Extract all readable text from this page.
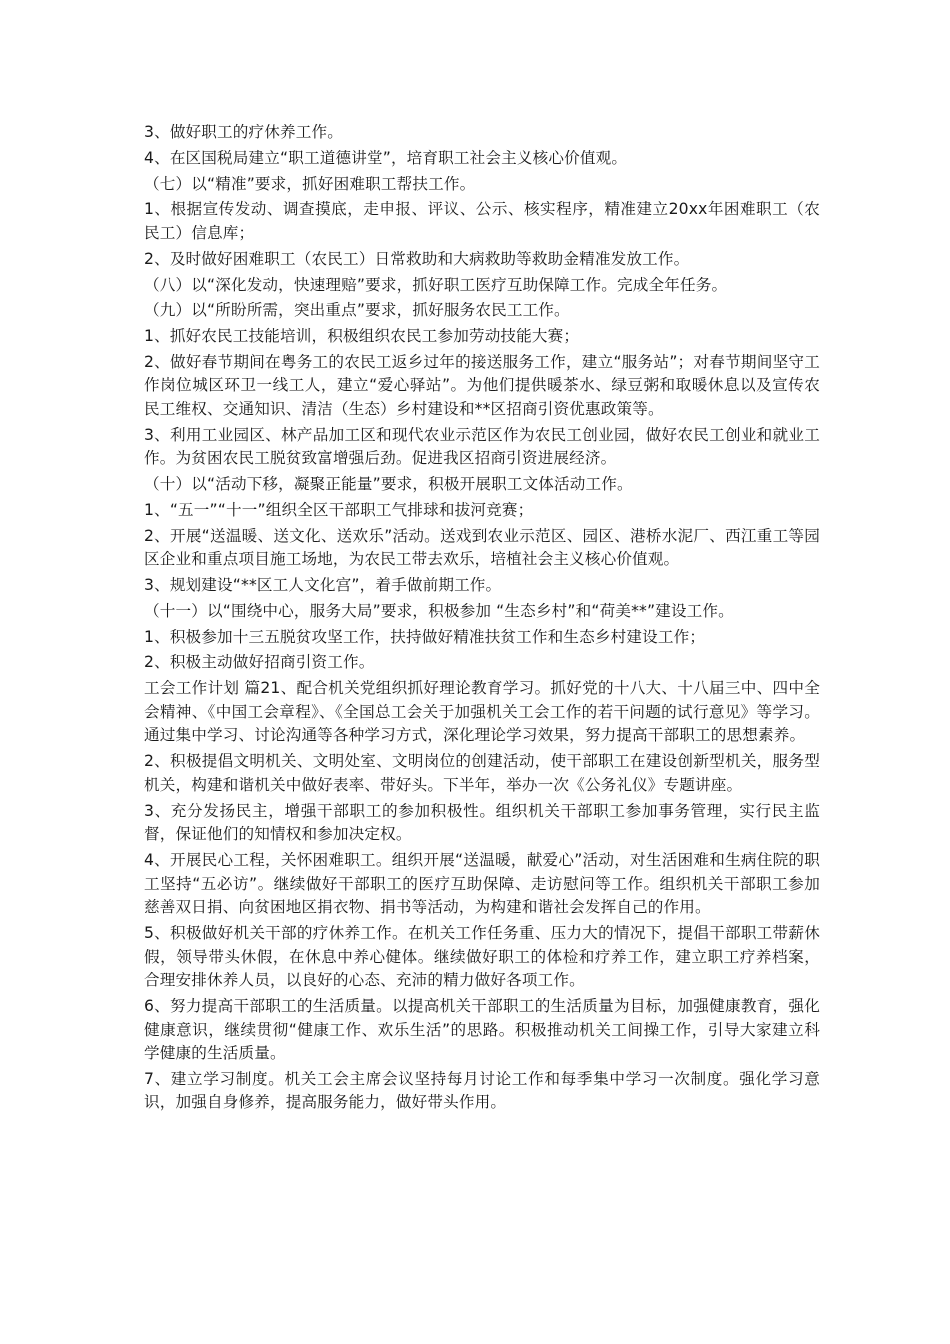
3、做好职工的疗休养工作。

4、在区国税局建立“职工道德讲堂”，培育职工社会主义核心价值观。

（七）以“精准”要求，抓好困难职工帮扶工作。

1、根据宣传发动、调查摸底，走申报、评议、公示、核实程序，精准建立20xx年困难职工（农民工）信息库；

2、及时做好困难职工（农民工）日常救助和大病救助等救助金精准发放工作。

（八）以“深化发动，快速理赔”要求，抓好职工医疗互助保障工作。完成全年任务。

（九）以“所盼所需，突出重点”要求，抓好服务农民工工作。

1、抓好农民工技能培训，积极组织农民工参加劳动技能大赛；

2、做好春节期间在粤务工的农民工返乡过年的接送服务工作，建立“服务站”；对春节期间坚守工作岗位城区环卫一线工人，建立“爱心驿站”。为他们提供暖茶水、绿豆粥和取暖休息以及宣传农民工维权、交通知识、清洁（生态）乡村建设和**区招商引资优惠政策等。

3、利用工业园区、林产品加工区和现代农业示范区作为农民工创业园，做好农民工创业和就业工作。为贫困农民工脱贫致富增强后劲。促进我区招商引资进展经济。

（十）以“活动下移，凝聚正能量”要求，积极开展职工文体活动工作。

1、“五一”“十一”组织全区干部职工气排球和拔河竞赛；

2、开展“送温暖、送文化、送欢乐”活动。送戏到农业示范区、园区、港桥水泥厂、西江重工等园区企业和重点项目施工场地，为农民工带去欢乐，培植社会主义核心价值观。

3、规划建设“**区工人文化宫”，着手做前期工作。

（十一）以“围绕中心，服务大局”要求，积极参加 “生态乡村”和“荷美**”建设工作。

1、积极参加十三五脱贫攻坚工作，扶持做好精准扶贫工作和生态乡村建设工作；

2、积极主动做好招商引资工作。

工会工作计划 篇21、配合机关党组织抓好理论教育学习。抓好党的十八大、十八届三中、四中全会精神、《中国工会章程》、《全国总工会关于加强机关工会工作的若干问题的试行意见》等学习。通过集中学习、讨论沟通等各种学习方式，深化理论学习效果，努力提高干部职工的思想素养。

2、积极提倡文明机关、文明处室、文明岗位的创建活动，使干部职工在建设创新型机关，服务型机关，构建和谐机关中做好表率、带好头。下半年，举办一次《公务礼仪》专题讲座。

3、充分发扬民主，增强干部职工的参加积极性。组织机关干部职工参加事务管理，实行民主监督，保证他们的知情权和参加决定权。

4、开展民心工程，关怀困难职工。组织开展“送温暖，献爱心”活动，对生活困难和生病住院的职工坚持“五必访”。继续做好干部职工的医疗互助保障、走访慰问等工作。组织机关干部职工参加慈善双日捐、向贫困地区捐衣物、捐书等活动，为构建和谐社会发挥自己的作用。

5、积极做好机关干部的疗休养工作。在机关工作任务重、压力大的情况下，提倡干部职工带薪休假，领导带头休假，在休息中养心健体。继续做好职工的体检和疗养工作，建立职工疗养档案，合理安排休养人员，以良好的心态、充沛的精力做好各项工作。

6、努力提高干部职工的生活质量。以提高机关干部职工的生活质量为目标，加强健康教育，强化健康意识，继续贯彻“健康工作、欢乐生活”的思路。积极推动机关工间操工作，引导大家建立科学健康的生活质量。

7、建立学习制度。机关工会主席会议坚持每月讨论工作和每季集中学习一次制度。强化学习意识，加强自身修养，提高服务能力，做好带头作用。
